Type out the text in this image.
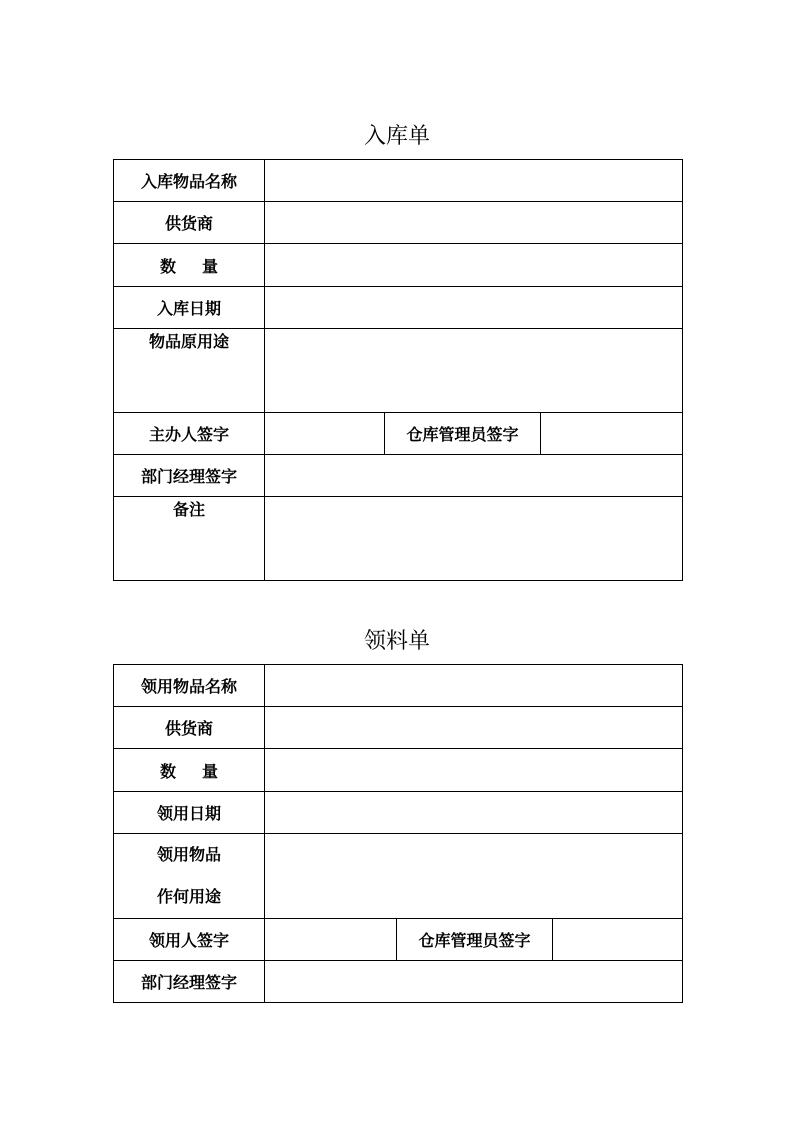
入库单
入库物品名称			
供货商			
数 量			
入库日期			
物品原用途			
主办人签字		仓库管理员签字	
部门经理签字			
备注			
领料单
领用物品名称			
供货商			
数 量			
领用日期			

领用物品
作何用途			

领用人签字		仓库管理员签字	
部门经理签字			
